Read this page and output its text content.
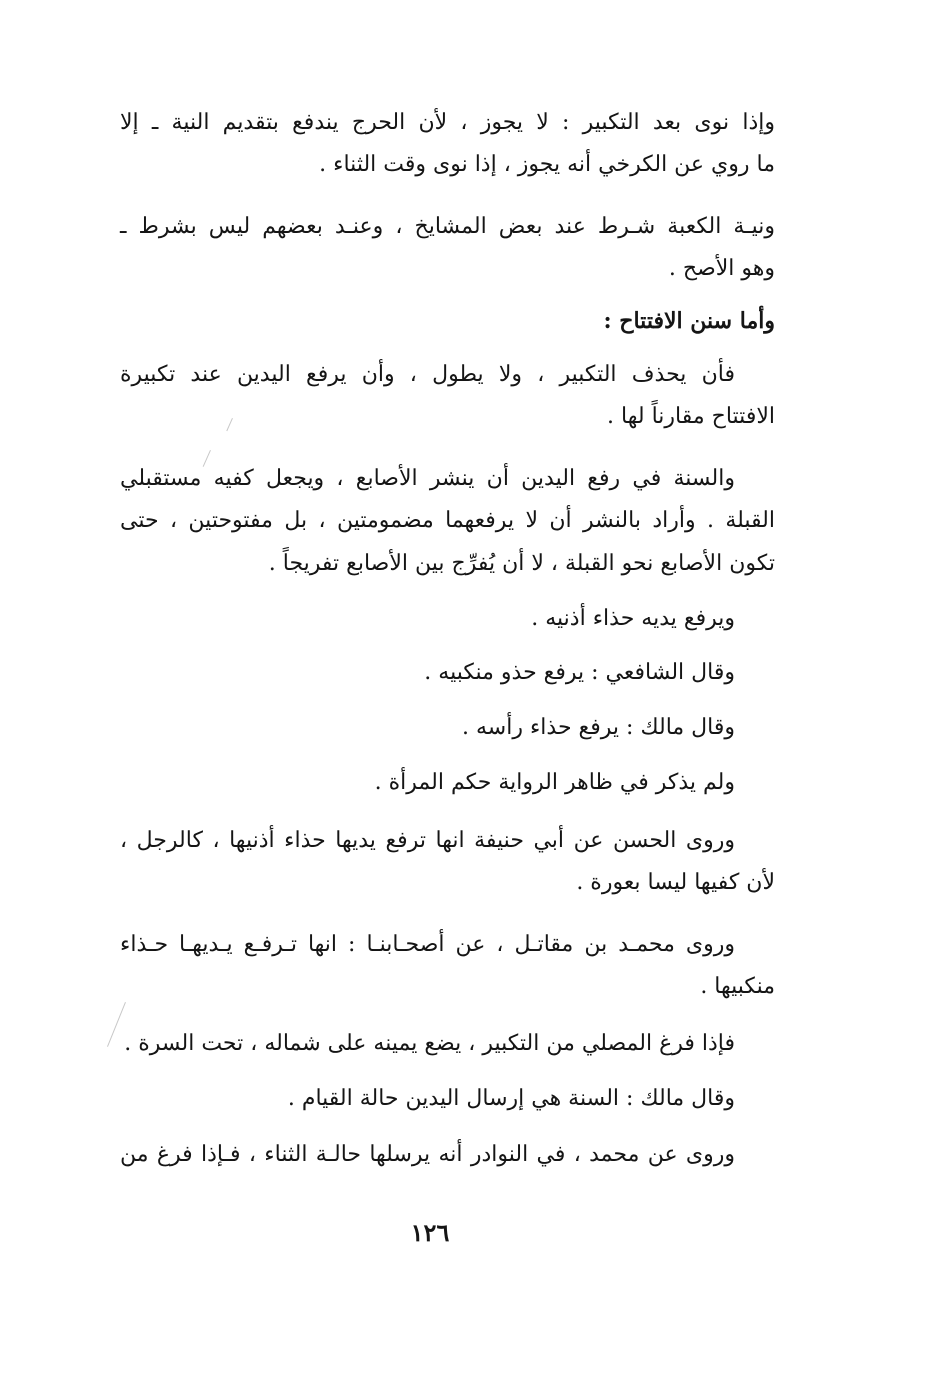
وإذا نوى بعد التكبير : لا يجوز ، لأن الحرج يندفع بتقديم النية ـ إلا
ما روي عن الكرخي أنه يجوز ، إذا نوى وقت الثناء .
ونيـة الكعبة شـرط عند بعض المشايخ ، وعنـد بعضهم ليس بشرط ـ
وهو الأصح .
وأما سنن الافتتاح :
فأن يحذف التكبير ، ولا يطول ، وأن يرفع اليدين عند تكبيرة
الافتتاح مقارناً لها .
والسنة في رفع اليدين أن ينشر الأصابع ، ويجعل كفيه مستقبلي
القبلة . وأراد بالنشر أن لا يرفعهما مضمومتين ، بل مفتوحتين ، حتى
تكون الأصابع نحو القبلة ، لا أن يُفرِّج بين الأصابع تفريجاً .
ويرفع يديه حذاء أذنيه .
وقال الشافعي : يرفع حذو منكبيه .
وقال مالك : يرفع حذاء رأسه .
ولم يذكر في ظاهر الرواية حكم المرأة .
وروى الحسن عن أبي حنيفة انها ترفع يديها حذاء أذنيها ، كالرجل ،
لأن كفيها ليسا بعورة .
وروى محمـد بن مقاتـل ، عن أصحـابنـا : انها تـرفـع يـديهـا حـذاء
منكبيها .
فإذا فرغ المصلي من التكبير ، يضع يمينه على شماله ، تحت السرة .
وقال مالك : السنة هي إرسال اليدين حالة القيام .
وروى عن محمد ، في النوادر أنه يرسلها حالـة الثناء ، فـإذا فرغ من
١٢٦
